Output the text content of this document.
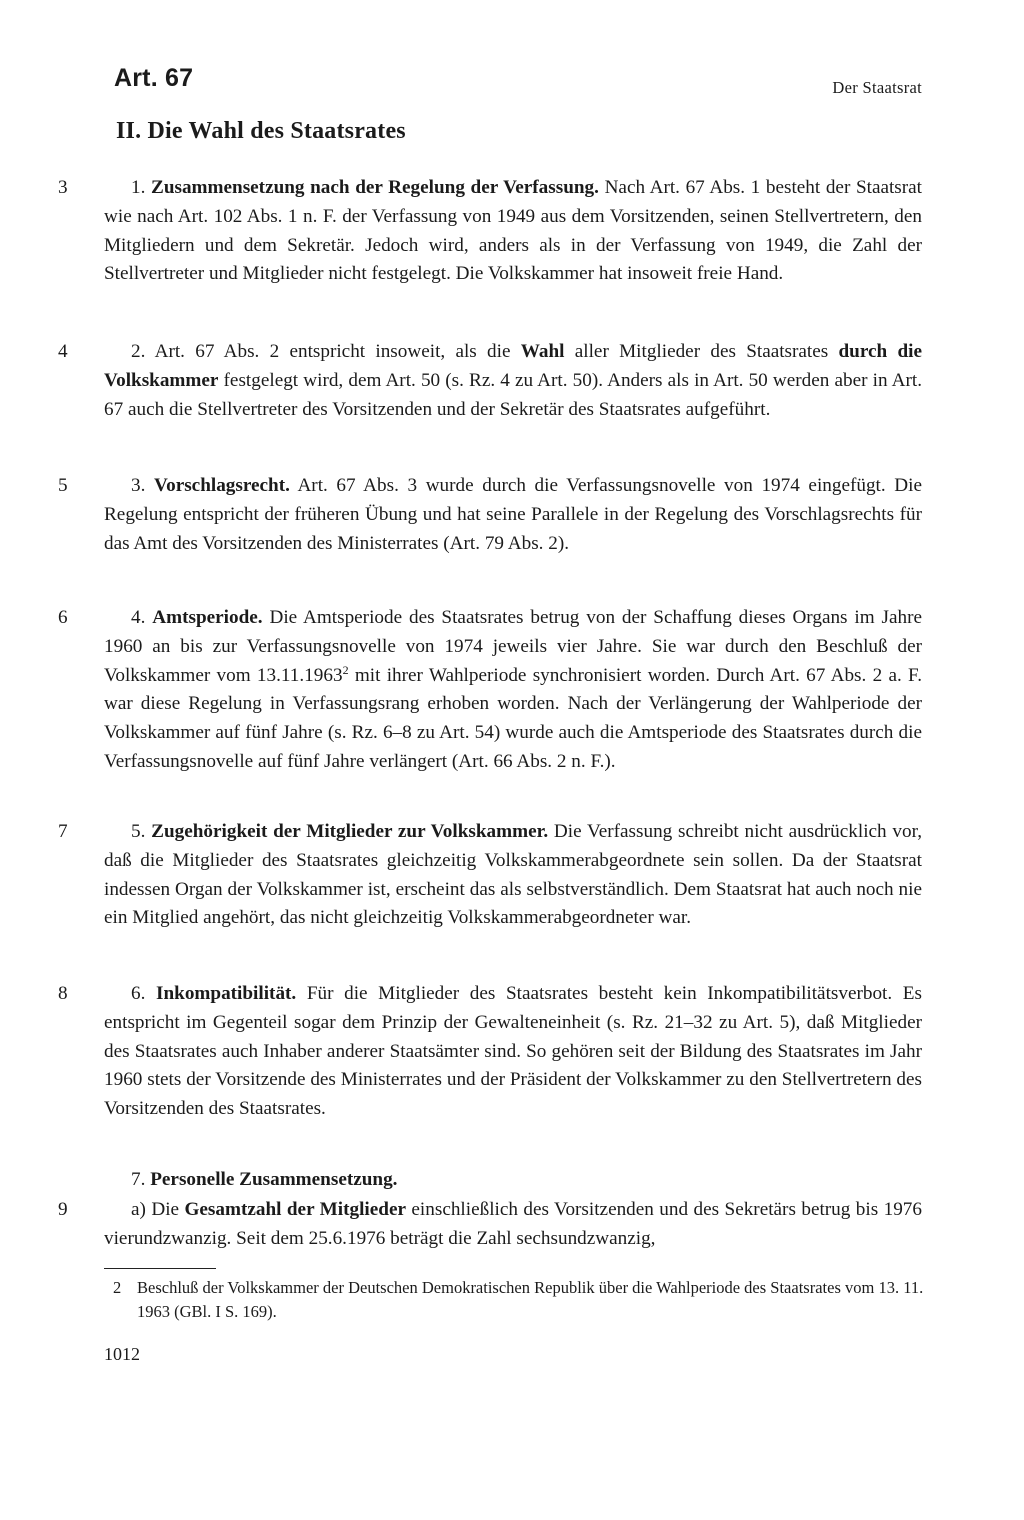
Art. 67	Der Staatsrat
II. Die Wahl des Staatsrates
3	1. Zusammensetzung nach der Regelung der Verfassung. Nach Art. 67 Abs. 1 besteht der Staatsrat wie nach Art. 102 Abs. 1 n. F. der Verfassung von 1949 aus dem Vorsitzenden, seinen Stellvertretern, den Mitgliedern und dem Sekretär. Jedoch wird, anders als in der Verfassung von 1949, die Zahl der Stellvertreter und Mitglieder nicht festgelegt. Die Volkskammer hat insoweit freie Hand.

4	2. Art. 67 Abs. 2 entspricht insoweit, als die Wahl aller Mitglieder des Staatsrates durch die Volkskammer festgelegt wird, dem Art. 50 (s. Rz. 4 zu Art. 50). Anders als in Art. 50 werden aber in Art. 67 auch die Stellvertreter des Vorsitzenden und der Sekretär des Staatsrates aufgeführt.

5	3. Vorschlagsrecht. Art. 67 Abs. 3 wurde durch die Verfassungsnovelle von 1974 eingefügt. Die Regelung entspricht der früheren Übung und hat seine Parallele in der Regelung des Vorschlagsrechts für das Amt des Vorsitzenden des Ministerrates (Art. 79 Abs. 2).

6	4. Amtsperiode. Die Amtsperiode des Staatsrates betrug von der Schaffung dieses Organs im Jahre 1960 an bis zur Verfassungsnovelle von 1974 jeweils vier Jahre. Sie war durch den Beschluß der Volkskammer vom 13.11.1963$^2$ mit ihrer Wahlperiode synchronisiert worden. Durch Art. 67 Abs. 2 a. F. war diese Regelung in Verfassungsrang erhoben worden. Nach der Verlängerung der Wahlperiode der Volkskammer auf fünf Jahre (s. Rz. 6–8 zu Art. 54) wurde auch die Amtsperiode des Staatsrates durch die Verfassungsnovelle auf fünf Jahre verlängert (Art. 66 Abs. 2 n. F.).

7	5. Zugehörigkeit der Mitglieder zur Volkskammer. Die Verfassung schreibt nicht ausdrücklich vor, daß die Mitglieder des Staatsrates gleichzeitig Volkskammerabgeordnete sein sollen. Da der Staatsrat indessen Organ der Volkskammer ist, erscheint das als selbstverständlich. Dem Staatsrat hat auch noch nie ein Mitglied angehört, das nicht gleichzeitig Volkskammerabgeordneter war.

8	6. Inkompatibilität. Für die Mitglieder des Staatsrates besteht kein Inkompatibilitätsverbot. Es entspricht im Gegenteil sogar dem Prinzip der Gewalteneinheit (s. Rz. 21–32 zu Art. 5), daß Mitglieder des Staatsrates auch Inhaber anderer Staatsämter sind. So gehören seit der Bildung des Staatsrates im Jahr 1960 stets der Vorsitzende des Ministerrates und der Präsident der Volkskammer zu den Stellvertretern des Vorsitzenden des Staatsrates.

7. Personelle Zusammensetzung.
9	a) Die Gesamtzahl der Mitglieder einschließlich des Vorsitzenden und des Sekretärs betrug bis 1976 vierundzwanzig. Seit dem 25.6.1976 beträgt die Zahl sechsundzwanzig,

2 Beschluß der Volkskammer der Deutschen Demokratischen Republik über die Wahlperiode des Staatsrates vom 13. 11. 1963 (GBl. I S. 169).

1012
